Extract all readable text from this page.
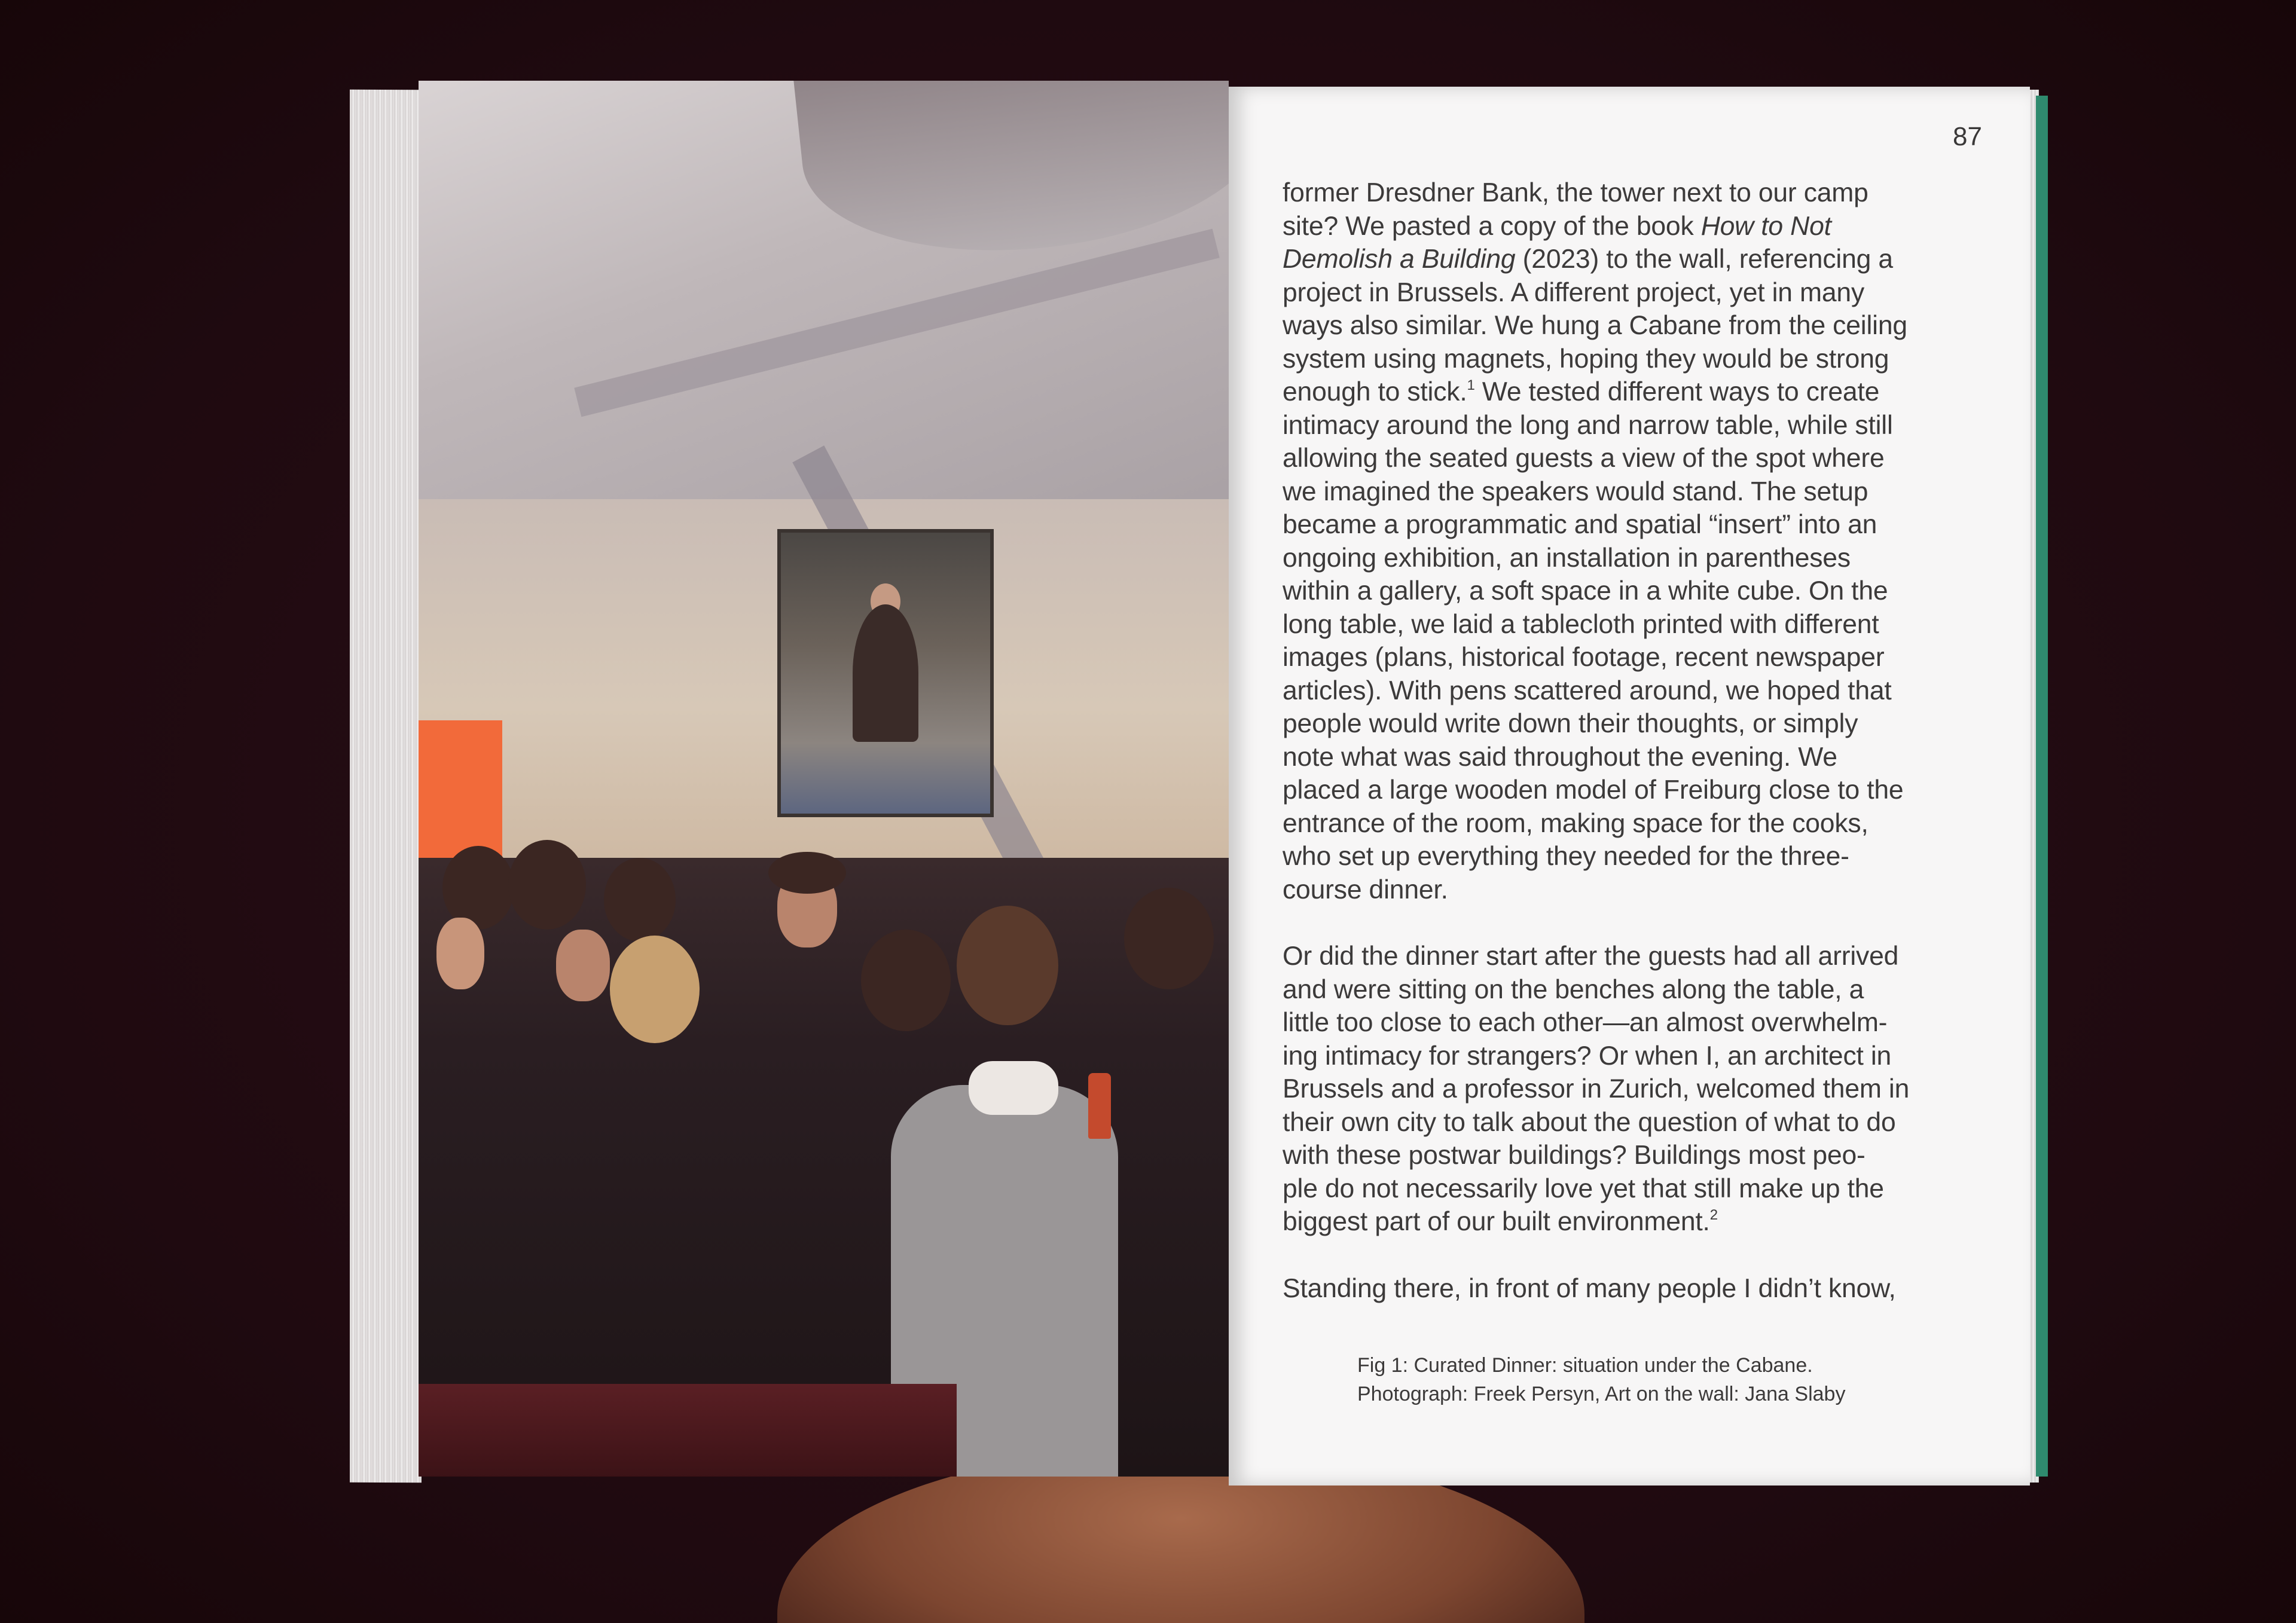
87

former Dresdner Bank, the tower next to our camp
site? We pasted a copy of the book How to Not
Demolish a Building (2023) to the wall, referencing a
project in Brussels. A different project, yet in many
ways also similar. We hung a Cabane from the ceiling
system using magnets, hoping they would be strong
enough to stick.$^1$ We tested different ways to create
intimacy around the long and narrow table, while still
allowing the seated guests a view of the spot where
we imagined the speakers would stand. The setup
became a programmatic and spatial “insert” into an
ongoing exhibition, an installation in parentheses
within a gallery, a soft space in a white cube. On the
long table, we laid a tablecloth printed with different
images (plans, historical footage, recent newspaper
articles). With pens scattered around, we hoped that
people would write down their thoughts, or simply
note what was said throughout the evening. We
placed a large wooden model of Freiburg close to the
entrance of the room, making space for the cooks,
who set up everything they needed for the three-
course dinner.

Or did the dinner start after the guests had all arrived
and were sitting on the benches along the table, a
little too close to each other—an almost overwhelm-
ing intimacy for strangers? Or when I, an architect in
Brussels and a professor in Zurich, welcomed them in
their own city to talk about the question of what to do
with these postwar buildings? Buildings most peo-
ple do not necessarily love yet that still make up the
biggest part of our built environment.$^2$

Standing there, in front of many people I didn’t know,

Fig 1: Curated Dinner: situation under the Cabane.
Photograph: Freek Persyn, Art on the wall: Jana Slaby
